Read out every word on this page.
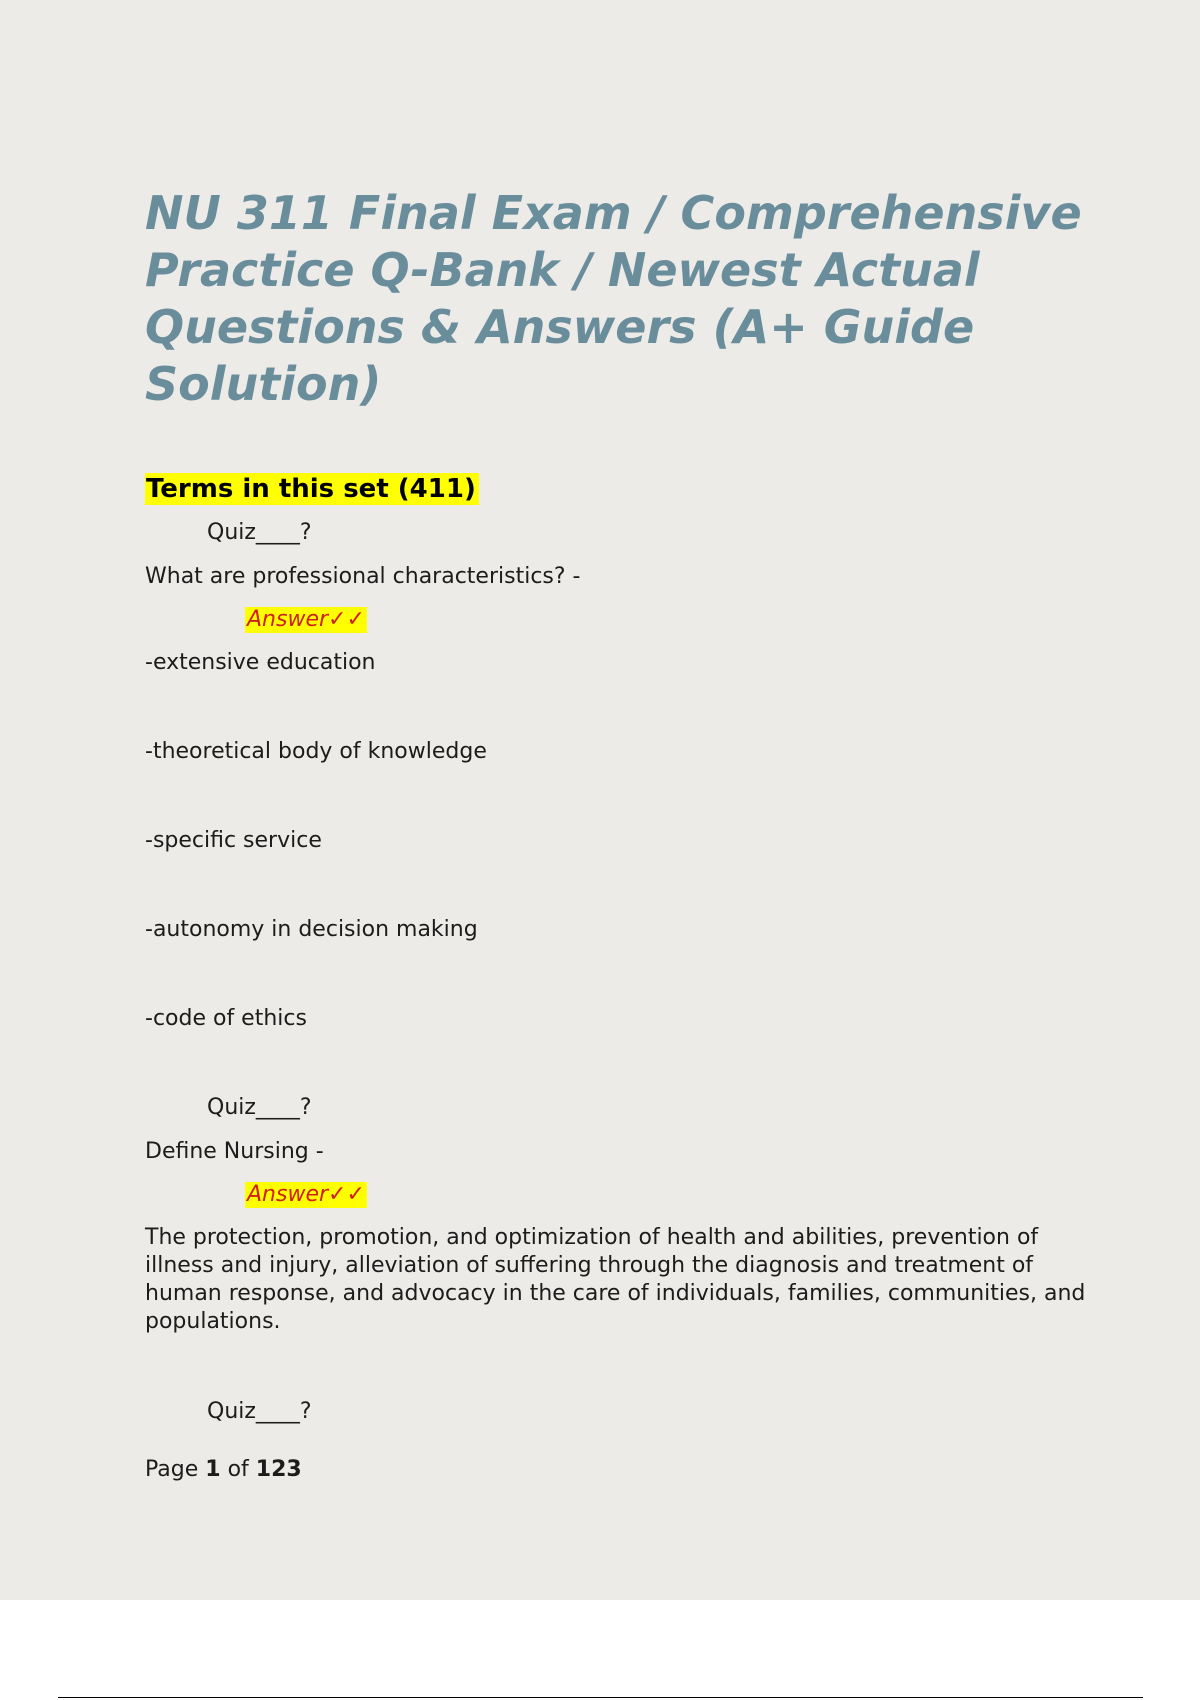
NU 311 Final Exam / Comprehensive Practice Q-Bank / Newest Actual Questions & Answers (A+ Guide Solution)
Terms in this set (411)
Quiz____?
What are professional characteristics? -
Answer✓✓
-extensive education
-theoretical body of knowledge
-specific service
-autonomy in decision making
-code of ethics
Quiz____?
Define Nursing -
Answer✓✓
The protection, promotion, and optimization of health and abilities, prevention of illness and injury, alleviation of suffering through the diagnosis and treatment of human response, and advocacy in the care of individuals, families, communities, and populations.
Quiz____?
Page 1 of 123
